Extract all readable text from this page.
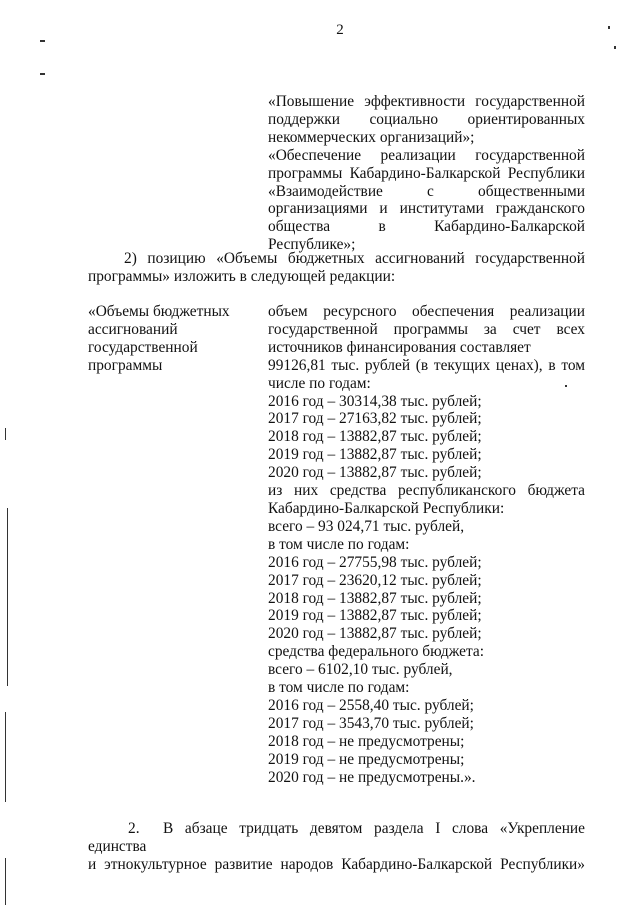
2
«Повышение эффективности государственной
поддержки социально ориентированных
некоммерческих организаций»;
«Обеспечение реализации государственной
программы Кабардино-Балкарской Республики
«Взаимодействие с общественными
организациями и институтами гражданского
общества в Кабардино-Балкарской Республике»;
2) позицию «Объемы бюджетных ассигнований государственной
программы» изложить в следующей редакции:
«Объемы бюджетных
ассигнований
государственной
программы
объем ресурсного обеспечения реализации
государственной программы за счет всех
источников финансирования составляет
99126,81 тыс. рублей (в текущих ценах), в том
числе по годам:
2016 год – 30314,38 тыс. рублей;
2017 год – 27163,82 тыс. рублей;
2018 год – 13882,87 тыс. рублей;
2019 год – 13882,87 тыс. рублей;
2020 год – 13882,87 тыс. рублей;
из них средства республиканского бюджета
Кабардино-Балкарской Республики:
всего – 93 024,71 тыс. рублей,
в том числе по годам:
2016 год – 27755,98 тыс. рублей;
2017 год – 23620,12 тыс. рублей;
2018 год – 13882,87 тыс. рублей;
2019 год – 13882,87 тыс. рублей;
2020 год – 13882,87 тыс. рублей;
средства федерального бюджета:
всего – 6102,10 тыс. рублей,
в том числе по годам:
2016 год – 2558,40 тыс. рублей;
2017 год – 3543,70 тыс. рублей;
2018 год – не предусмотрены;
2019 год – не предусмотрены;
2020 год – не предусмотрены.».
2. В абзаце тридцать девятом раздела I слова «Укрепление единства
и этнокультурное развитие народов Кабардино-Балкарской Республики»
